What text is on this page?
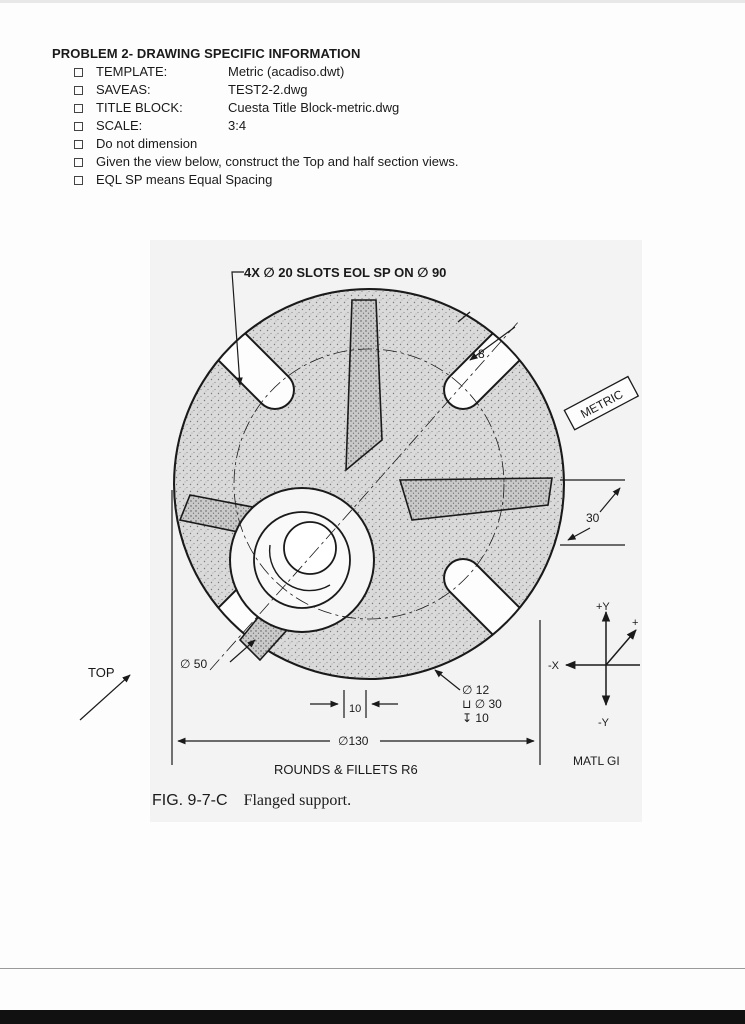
PROBLEM 2- DRAWING SPECIFIC INFORMATION
TEMPLATE:	Metric (acadiso.dwt)
SAVEAS:	TEST2-2.dwg
TITLE BLOCK:	Cuesta Title Block-metric.dwg
SCALE:	3:4
Do not dimension
Given the view below, construct the Top and half section views.
EQL SP means Equal Spacing
METRIC
4X ∅ 20 SLOTS EOL SP ON ∅ 90
8
30
∅ 50
10
∅ 12
⊔ ∅ 30
↧ 10
∅130
ROUNDS & FILLETS R6
TOP
+Y
-Y
-X
+
MATL GI
FIG. 9-7-C Flanged support.
